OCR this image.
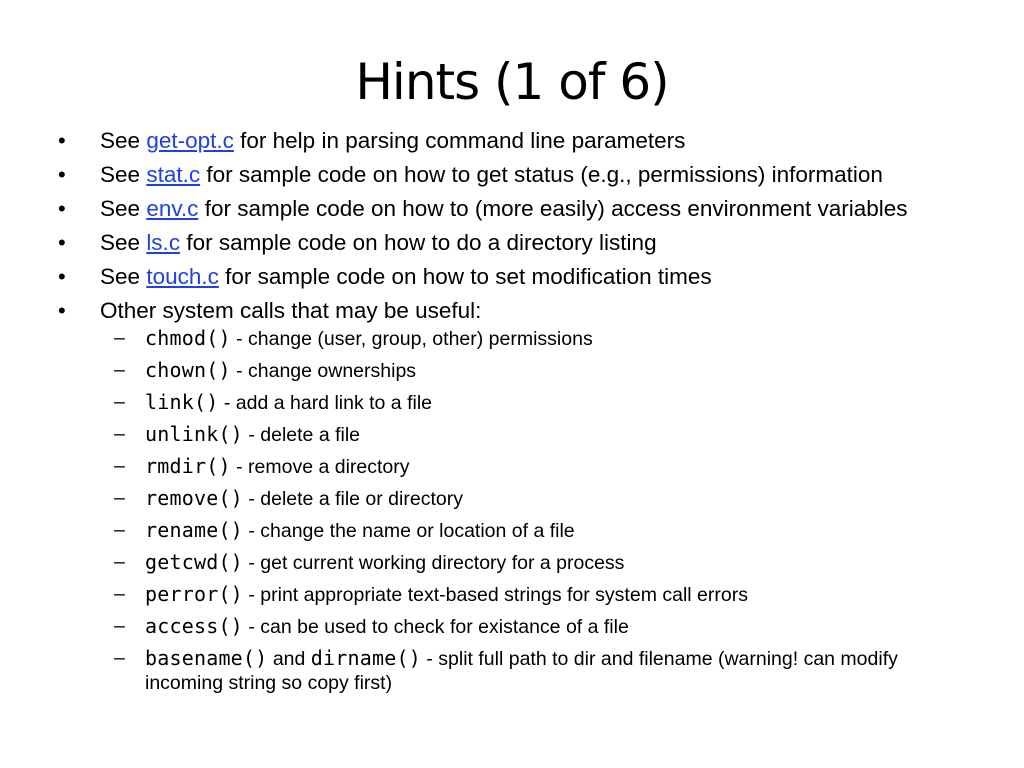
Hints (1 of 6)
• See get-opt.c for help in parsing command line parameters
• See stat.c for sample code on how to get status (e.g., permissions) information
• See env.c for sample code on how to (more easily) access environment variables
• See ls.c for sample code on how to do a directory listing
• See touch.c for sample code on how to set modification times
• Other system calls that may be useful:
– chmod() - change (user, group, other) permissions
– chown() - change ownerships
– link() - add a hard link to a file
– unlink() - delete a file
– rmdir() - remove a directory
– remove() - delete a file or directory
– rename() - change the name or location of a file
– getcwd() - get current working directory for a process
– perror() - print appropriate text-based strings for system call errors
– access() - can be used to check for existance of a file
– basename() and dirname() - split full path to dir and filename (warning! can modify incoming string so copy first)
